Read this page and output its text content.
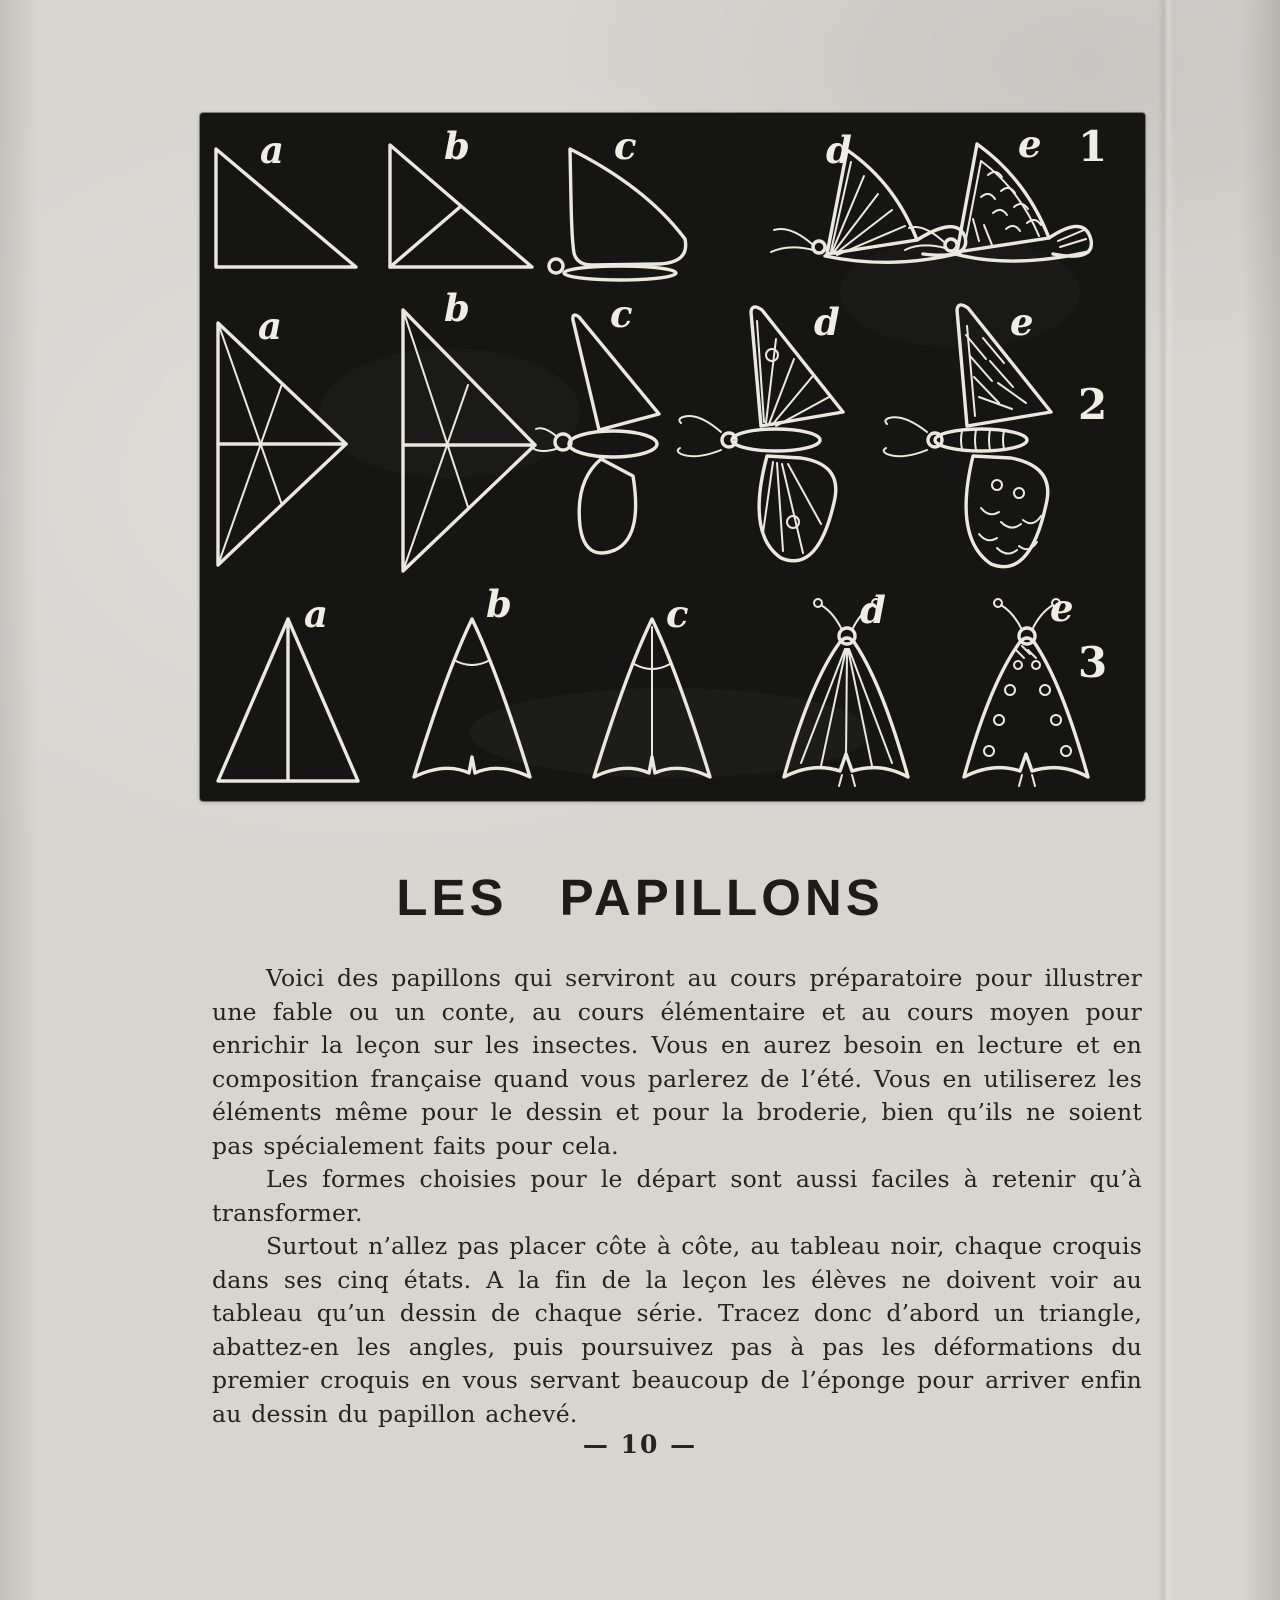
a	b	c	d	e 1
a	b	c	d	e
2
a	b	c	d	e
3
LES PAPILLONS

Voici des papillons qui serviront au cours préparatoire pour illustrer une fable ou un conte, au cours élémentaire et au cours moyen pour enrichir la leçon sur les insectes. Vous en aurez besoin en lecture et en composition française quand vous parlerez de l’été. Vous en utiliserez les éléments même pour le dessin et pour la broderie, bien qu’ils ne soient pas spécialement faits pour cela.

Les formes choisies pour le départ sont aussi faciles à retenir qu’à transformer.

Surtout n’allez pas placer côte à côte, au tableau noir, chaque croquis dans ses cinq états. A la fin de la leçon les élèves ne doivent voir au tableau qu’un dessin de chaque série. Tracez donc d’abord un triangle, abattez-en les angles, puis poursuivez pas à pas les déformations du premier croquis en vous servant beaucoup de l’éponge pour arriver enfin au dessin du papillon achevé.

— 10 —
